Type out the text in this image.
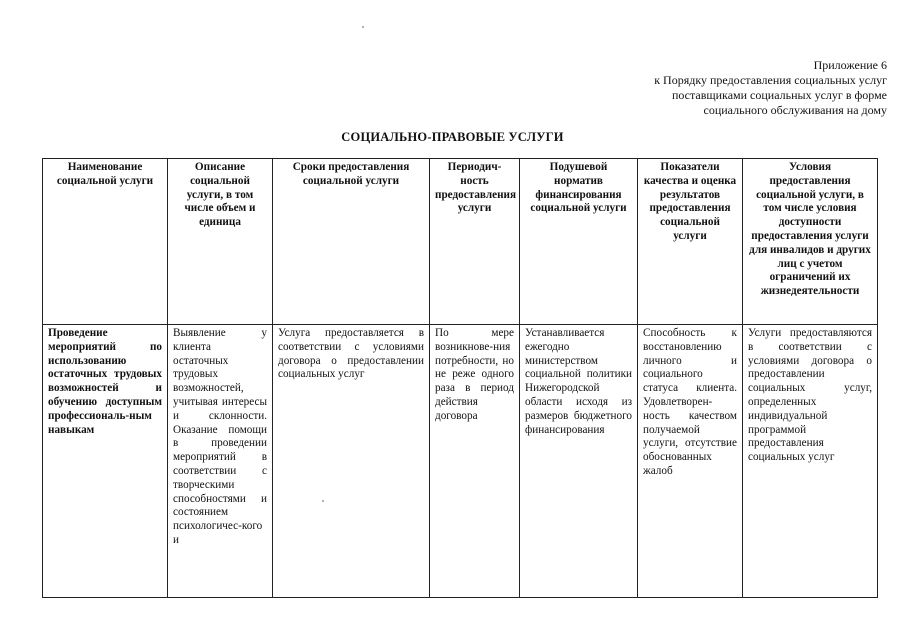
Приложение 6
к Порядку предоставления социальных услуг
поставщиками социальных услуг в форме
социального обслуживания на дому
СОЦИАЛЬНО-ПРАВОВЫЕ УСЛУГИ
Наименование социальной услуги	Описание социальной услуги, в том числе объем и единица	Сроки предоставления социальной услуги	Периодич-ность предоставления услуги	Подушевой норматив финансирования социальной услуги	Показатели качества и оценка результатов предоставления социальной услуги	Условия предоставления социальной услуги, в том числе условия доступности предоставления услуги для инвалидов и других лиц с учетом ограничений их жизнедеятельности
Проведение мероприятий по использованию остаточных трудовых возможностей и обучению доступным профессиональ-ным навыкам	Выявление у клиента остаточных трудовых возможностей, учитывая интересы и склонности. Оказание помощи в проведении мероприятий в соответствии с творческими способностями и состоянием психологичес-кого и	Услуга предоставляется в соответствии с условиями договора о предоставлении социальных услуг	По мере возникнове-ния потребности, но не реже одного раза в период действия договора	Устанавливается ежегодно министерством социальной политики Нижегородской области исходя из размеров бюджетного финансирования	Способность к восстановлению личного и социального статуса клиента. Удовлетворен-ность качеством получаемой услуги, отсутствие обоснованных жалоб	Услуги предоставляются в соответствии с условиями договора о предоставлении социальных услуг, определенных индивидуальной программой предоставления социальных услуг
